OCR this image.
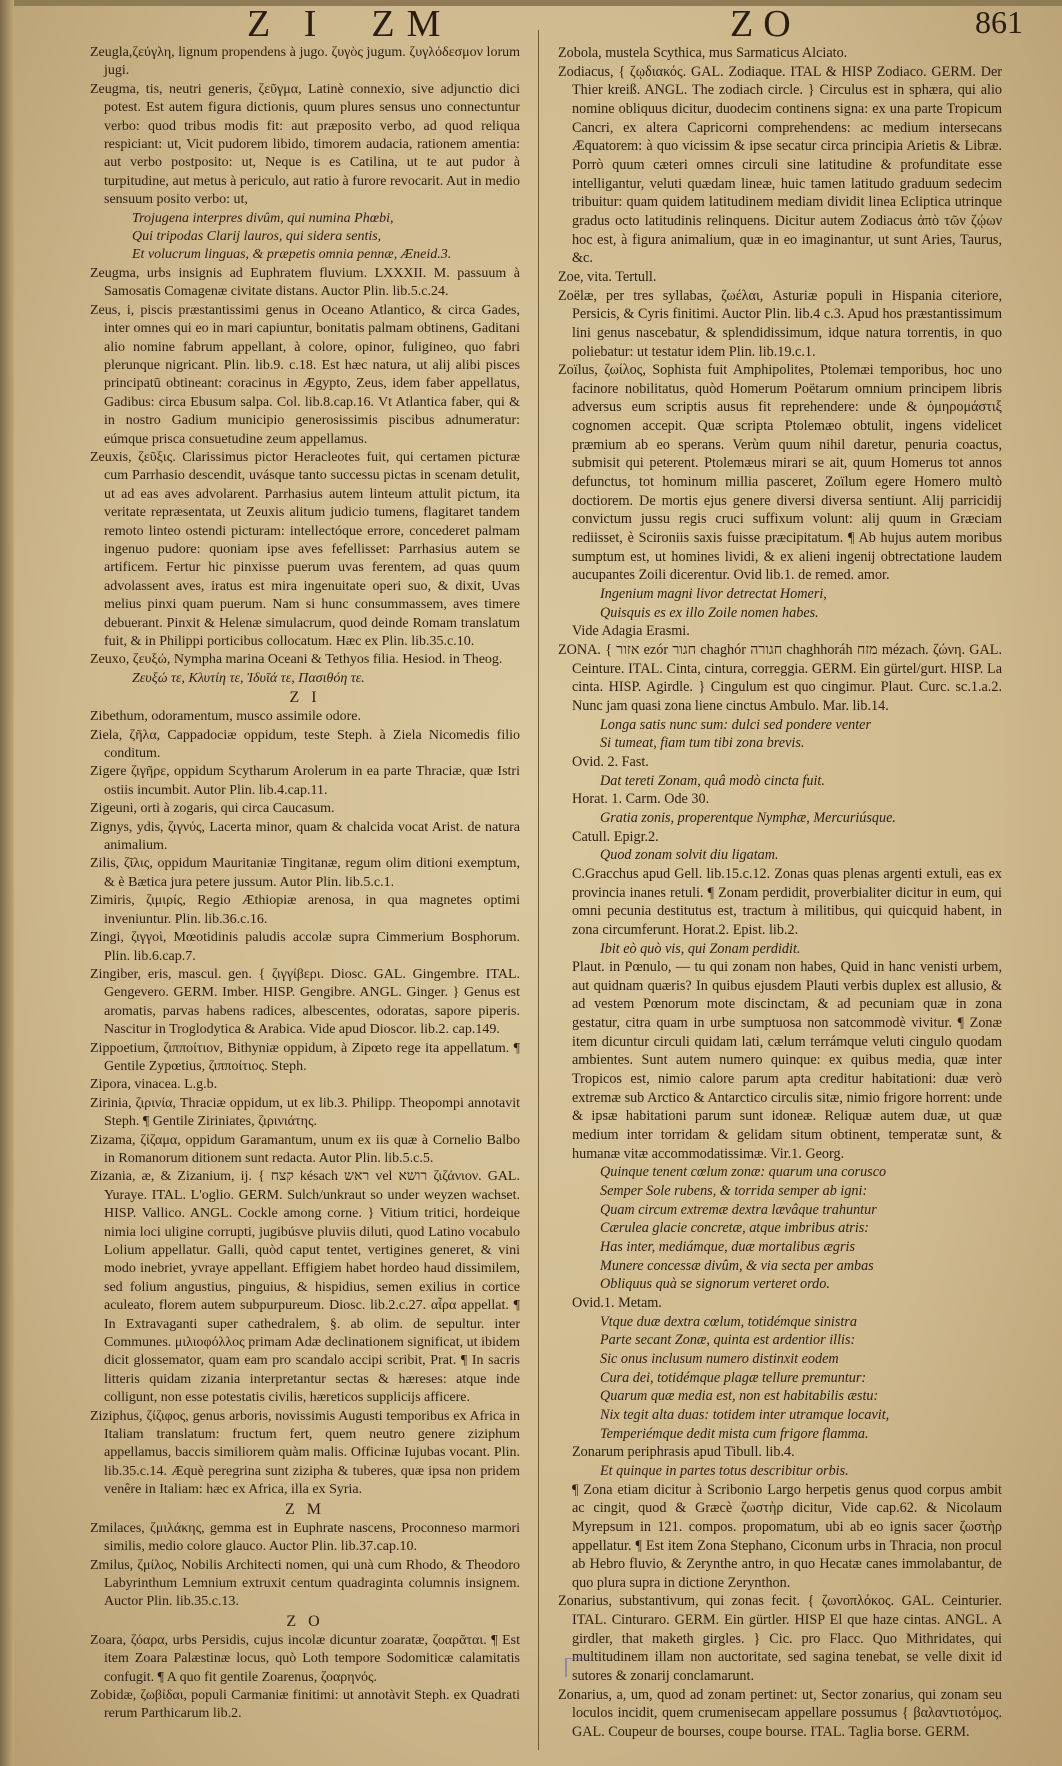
Z I ZM	ZO	861

Zeugla,ζεύγλη, lignum propendens à jugo. ζυγὸς jugum. ζυγλόδεσμον lorum jugi.

Zeugma, tis, neutri generis, ζεῦγμα, Latinè connexio, sive adjunctio dici potest. Est autem figura dictionis, quum plures sensus uno connectuntur verbo: quod tribus modis fit: aut præposito verbo, ad quod reliqua respiciant: ut, Vicit pudorem libido, timorem audacia, rationem amentia: aut verbo postposito: ut, Neque is es Catilina, ut te aut pudor à turpitudine, aut metus à periculo, aut ratio à furore revocarit. Aut in medio sensuum posito verbo: ut,

Trojugena interpres divûm, qui numina Phœbi,

Qui tripodas Clarij lauros, qui sidera sentis,

Et volucrum linguas, & præpetis omnia pennæ, Æneid.3.

Zeugma, urbs insignis ad Euphratem fluvium. LXXXII. M. passuum à Samosatis Comagenæ civitate distans. Auctor Plin. lib.5.c.24.

Zeus, i, piscis præstantissimi genus in Oceano Atlantico, & circa Gades, inter omnes qui eo in mari capiuntur, bonitatis palmam obtinens, Gaditani alio nomine fabrum appellant, à colore, opinor, fuligineo, quo fabri plerunque nigricant. Plin. lib.9. c.18. Est hæc natura, ut alij alibi pisces principatū obtineant: coracinus in Ægypto, Zeus, idem faber appellatus, Gadibus: circa Ebusum salpa. Col. lib.8.cap.16. Vt Atlantica faber, qui & in nostro Gadium municipio generosissimis piscibus adnumeratur: eúmque prisca consuetudine zeum appellamus.

Zeuxis, ζεῦξις. Clarissimus pictor Heracleotes fuit, qui certamen picturæ cum Parrhasio descendit, uvásque tanto successu pictas in scenam detulit, ut ad eas aves advolarent. Parrhasius autem linteum attulit pictum, ita veritate repræsentata, ut Zeuxis alitum judicio tumens, flagitaret tandem remoto linteo ostendi picturam: intellectóque errore, concederet palmam ingenuo pudore: quoniam ipse aves fefellisset: Parrhasius autem se artificem. Fertur hic pinxisse puerum uvas ferentem, ad quas quum advolassent aves, iratus est mira ingenuitate operi suo, & dixit, Uvas melius pinxi quam puerum. Nam si hunc consummassem, aves timere debuerant. Pinxit & Helenæ simulacrum, quod deinde Romam translatum fuit, & in Philippi porticibus collocatum. Hæc ex Plin. lib.35.c.10.

Zeuxo, ζευξώ, Nympha marina Oceani & Tethyos filia. Hesiod. in Theog.

Ζευξώ τε, Κλυτίη τε, Ἰδυῖά τε, Πασιθόη τε.

Z I

Zibethum, odoramentum, musco assimile odore.

Ziela, ζῆλα, Cappadociæ oppidum, teste Steph. à Ziela Nicomedis filio conditum.

Zigere ζιγῆρε, oppidum Scytharum Arolerum in ea parte Thraciæ, quæ Istri ostiis incumbit. Autor Plin. lib.4.cap.11.

Zigeuni, orti à zogaris, qui circa Caucasum.

Zignys, ydis, ζιγνύς, Lacerta minor, quam & chalcida vocat Arist. de natura animalium.

Zilis, ζῖλις, oppidum Mauritaniæ Tingitanæ, regum olim ditioni exemptum, & è Bætica jura petere jussum. Autor Plin. lib.5.c.1.

Zimiris, ζιμιρίς, Regio Æthiopiæ arenosa, in qua magnetes optimi inveniuntur. Plin. lib.36.c.16.

Zingi, ζιγγοὶ, Mœotidinis paludis accolæ supra Cimmerium Bosphorum. Plin. lib.6.cap.7.

Zingiber, eris, mascul. gen. { ζιγγίβερι. Diosc. GAL. Gingembre. ITAL. Gengevero. GERM. Imber. HISP. Gengibre. ANGL. Ginger. } Genus est aromatis, parvas habens radices, albescentes, odoratas, sapore piperis. Nascitur in Troglodytica & Arabica. Vide apud Dioscor. lib.2. cap.149.

Zippoetium, ζιπποίτιον, Bithyniæ oppidum, à Zipœto rege ita appellatum. ¶ Gentile Zypœtius, ζιπποίτιος. Steph.

Zipora, vinacea. L.g.b.

Zirinia, ζιρινία, Thraciæ oppidum, ut ex lib.3. Philipp. Theopompi annotavit Steph. ¶ Gentile Ziriniates, ζιρινιάτης.

Zizama, ζίζαμα, oppidum Garamantum, unum ex iis quæ à Cornelio Balbo in Romanorum ditionem sunt redacta. Autor Plin. lib.5.c.5.

Zizania, æ, & Zizanium, ij. { קצח késach ראש vel רושא ζιζάνιον. GAL. Yuraye. ITAL. L'oglio. GERM. Sulch/unkraut so under weyzen wachset. HISP. Vallico. ANGL. Cockle among corne. } Vitium tritici, hordeique nimia loci uligine corrupti, jugibúsve pluviis diluti, quod Latino vocabulo Lolium appellatur. Galli, quòd caput tentet, vertigines generet, & vini modo inebriet, yvraye appellant. Effigiem habet hordeo haud dissimilem, sed folium angustius, pinguius, & hispidius, semen exilius in cortice aculeato, florem autem subpurpureum. Diosc. lib.2.c.27. αἶρα appellat. ¶ In Extravaganti super cathedralem, §. ab olim. de sepultur. inter Communes. μιλιοφόλλος primam Adæ declinationem significat, ut ibidem dicit glossemator, quam eam pro scandalo accipi scribit, Prat. ¶ In sacris litteris quidam zizania interpretantur sectas & hæreses: atque inde colligunt, non esse potestatis civilis, hæreticos supplicijs afficere.

Ziziphus, ζίζιφος, genus arboris, novissimis Augusti temporibus ex Africa in Italiam translatum: fructum fert, quem neutro genere ziziphum appellamus, baccis similiorem quàm malis. Officinæ Iujubas vocant. Plin. lib.35.c.14. Æquè peregrina sunt zizipha & tuberes, quæ ipsa non pridem venêre in Italiam: hæc ex Africa, illa ex Syria.

Z M

Zmilaces, ζμιλάκης, gemma est in Euphrate nascens, Proconneso marmori similis, medio colore glauco. Auctor Plin. lib.37.cap.10.

Zmilus, ζμίλος, Nobilis Architecti nomen, qui unà cum Rhodo, & Theodoro Labyrinthum Lemnium extruxit centum quadraginta columnis insignem. Auctor Plin. lib.35.c.13.

Z O

Zoara, ζόαρα, urbs Persidis, cujus incolæ dicuntur zoaratæ, ζοαρᾶται. ¶ Est item Zoara Palæstinæ locus, quò Loth tempore Sodomiticæ calamitatis confugit. ¶ A quo fit gentile Zoarenus, ζοαρηνός.

Zobidæ, ζωβίδαι, populi Carmaniæ finitimi: ut annotàvit Steph. ex Quadrati rerum Parthicarum lib.2.

Zobola, mustela Scythica, mus Sarmaticus Alciato.

Zodiacus, { ζῳδιακός. GAL. Zodiaque. ITAL & HISP Zodiaco. GERM. Der Thier kreiß. ANGL. The zodiach circle. } Circulus est in sphæra, qui alio nomine obliquus dicitur, duodecim continens signa: ex una parte Tropicum Cancri, ex altera Capricorni comprehendens: ac medium intersecans Æquatorem: à quo vicissim & ipse secatur circa principia Arietis & Libræ. Porrò quum cæteri omnes circuli sine latitudine & profunditate esse intelligantur, veluti quædam lineæ, huic tamen latitudo graduum sedecim tribuitur: quam quidem latitudinem mediam dividit linea Ecliptica utrinque gradus octo latitudinis relinquens. Dicitur autem Zodiacus ἀπὸ τῶν ζῴων hoc est, à figura animalium, quæ in eo imaginantur, ut sunt Aries, Taurus, &c.

Zoe, vita. Tertull.

Zoëlæ, per tres syllabas, ζωέλαι, Asturiæ populi in Hispania citeriore, Persicis, & Cyris finitimi. Auctor Plin. lib.4 c.3. Apud hos præstantissimum lini genus nascebatur, & splendidissimum, idque natura torrentis, in quo poliebatur: ut testatur idem Plin. lib.19.c.1.

Zoïlus, ζωίλος, Sophista fuit Amphipolites, Ptolemæi temporibus, hoc uno facinore nobilitatus, quòd Homerum Poëtarum omnium principem libris adversus eum scriptis ausus fit reprehendere: unde & ὁμηρομάστιξ cognomen accepit. Quæ scripta Ptolemæo obtulit, ingens videlicet præmium ab eo sperans. Verùm quum nihil daretur, penuria coactus, submisit qui peterent. Ptolemæus mirari se ait, quum Homerus tot annos defunctus, tot hominum millia pasceret, Zoïlum egere Homero multò doctiorem. De mortis ejus genere diversi diversa sentiunt. Alij parricidij convictum jussu regis cruci suffixum volunt: alij quum in Græciam rediisset, è Scironiis saxis fuisse præcipitatum. ¶ Ab hujus autem moribus sumptum est, ut homines lividi, & ex alieni ingenij obtrectatione laudem aucupantes Zoili dicerentur. Ovid lib.1. de remed. amor.

Ingenium magni livor detrectat Homeri,

Quisquis es ex illo Zoile nomen habes.

Vide Adagia Erasmi.

ZONA. { אזור ezór חגור chaghór חגורה chaghhoráh מזח mézach. ζώνη. GAL. Ceinture. ITAL. Cinta, cintura, correggia. GERM. Ein gürtel/gurt. HISP. La cinta. HISP. Agirdle. } Cingulum est quo cingimur. Plaut. Curc. sc.1.a.2. Nunc jam quasi zona liene cinctus Ambulo. Mar. lib.14.

Longa satis nunc sum: dulci sed pondere venter

Si tumeat, fiam tum tibi zona brevis.

Ovid. 2. Fast.

Dat tereti Zonam, quâ modò cincta fuit.

Horat. 1. Carm. Ode 30.

Gratia zonis, properentque Nymphæ, Mercuriúsque.

Catull. Epigr.2.

Quod zonam solvit diu ligatam.

C.Gracchus apud Gell. lib.15.c.12. Zonas quas plenas argenti extuli, eas ex provincia inanes retuli. ¶ Zonam perdidit, proverbialiter dicitur in eum, qui omni pecunia destitutus est, tractum à militibus, qui quicquid habent, in zona circumferunt. Horat.2. Epist. lib.2.

Ibit eò quò vis, qui Zonam perdidit.

Plaut. in Pœnulo, — tu qui zonam non habes, Quid in hanc venisti urbem, aut quidnam quæris? In quibus ejusdem Plauti verbis duplex est allusio, & ad vestem Pœnorum mote discinctam, & ad pecuniam quæ in zona gestatur, citra quam in urbe sumptuosa non satcommodè vivitur. ¶ Zonæ item dicuntur circuli quidam lati, cælum terrámque veluti cingulo quodam ambientes. Sunt autem numero quinque: ex quibus media, quæ inter Tropicos est, nimio calore parum apta creditur habitationi: duæ verò extremæ sub Arctico & Antarctico circulis sitæ, nimio frigore horrent: unde & ipsæ habitationi parum sunt idoneæ. Reliquæ autem duæ, ut quæ medium inter torridam & gelidam situm obtinent, temperatæ sunt, & humanæ vitæ accommodatissimæ. Vir.1. Georg.

Quinque tenent cœlum zonæ: quarum una corusco

Semper Sole rubens, & torrida semper ab igni:

Quam circum extremæ dextra lævâque trahuntur

Cærulea glacie concretæ, atque imbribus atris:

Has inter, mediámque, duæ mortalibus ægris

Munere concessæ divûm, & via secta per ambas

Obliquus quà se signorum verteret ordo.

Ovid.1. Metam.

Vtque duæ dextra cœlum, totidémque sinistra

Parte secant Zonæ, quinta est ardentior illis:

Sic onus inclusum numero distinxit eodem

Cura dei, totidémque plagæ tellure premuntur:

Quarum quæ media est, non est habitabilis æstu:

Nix tegit alta duas: totidem inter utramque locavit,

Temperiémque dedit mista cum frigore flamma.

Zonarum periphrasis apud Tibull. lib.4.

Et quinque in partes totus describitur orbis.

¶ Zona etiam dicitur à Scribonio Largo herpetis genus quod corpus ambit ac cingit, quod & Græcè ζωστὴρ dicitur, Vide cap.62. & Nicolaum Myrepsum in 121. compos. propomatum, ubi ab eo ignis sacer ζωστὴρ appellatur. ¶ Est item Zona Stephano, Ciconum urbs in Thracia, non procul ab Hebro fluvio, & Zerynthe antro, in quo Hecatæ canes immolabantur, de quo plura supra in dictione Zerynthon.

Zonarius, substantivum, qui zonas fecit. { ζωνοπλόκος. GAL. Ceinturier. ITAL. Cinturaro. GERM. Ein gürtler. HISP El que haze cintas. ANGL. A girdler, that maketh girgles. } Cic. pro Flacc. Quo Mithridates, qui multitudinem illam non auctoritate, sed sagina tenebat, se velle dixit id sutores & zonarij conclamarunt.

Zonarius, a, um, quod ad zonam pertinet: ut, Sector zonarius, qui zonam seu loculos incidit, quem crumenisecam appellare possumus { βαλαντιοτόμος. GAL. Coupeur de bourses, coupe bourse. ITAL. Taglia borse. GERM.
